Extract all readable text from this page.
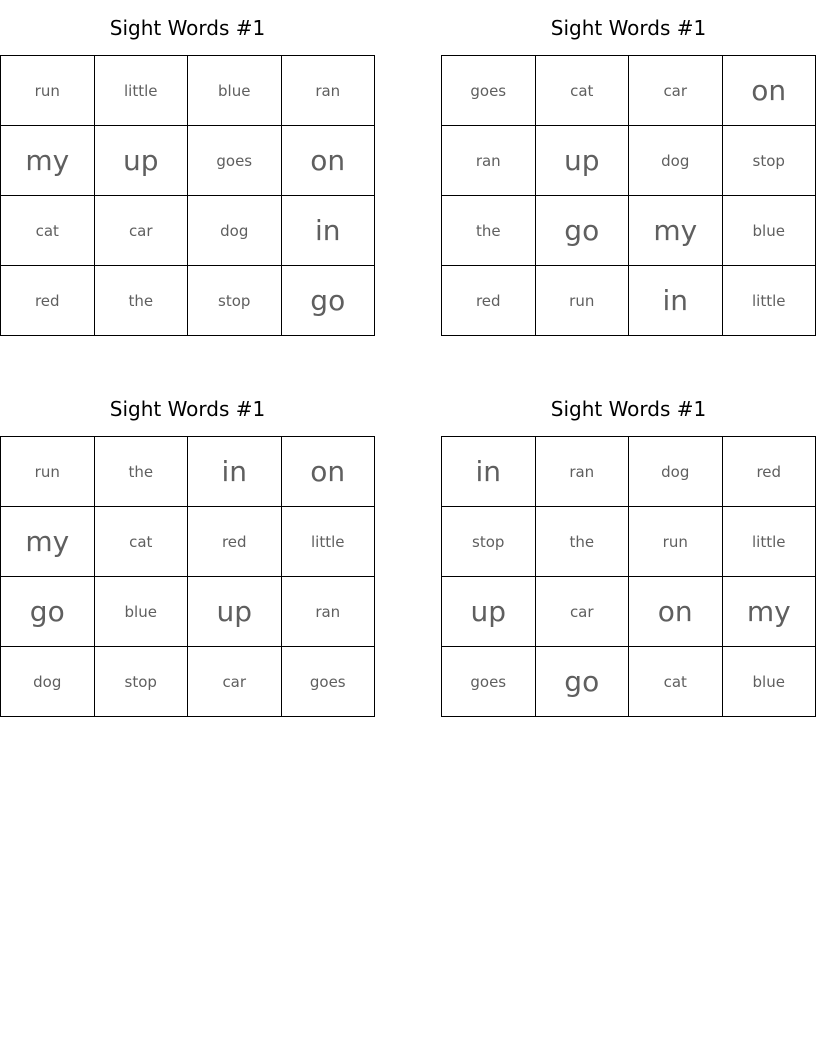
Sight Words #1
run	little	blue	ran
my	up	goes	on
cat	car	dog	in
red	the	stop	go
Sight Words #1
goes	cat	car	on
ran	up	dog	stop
the	go	my	blue
red	run	in	little
Sight Words #1
run	the	in	on
my	cat	red	little
go	blue	up	ran
dog	stop	car	goes
Sight Words #1
in	ran	dog	red
stop	the	run	little
up	car	on	my
goes	go	cat	blue
